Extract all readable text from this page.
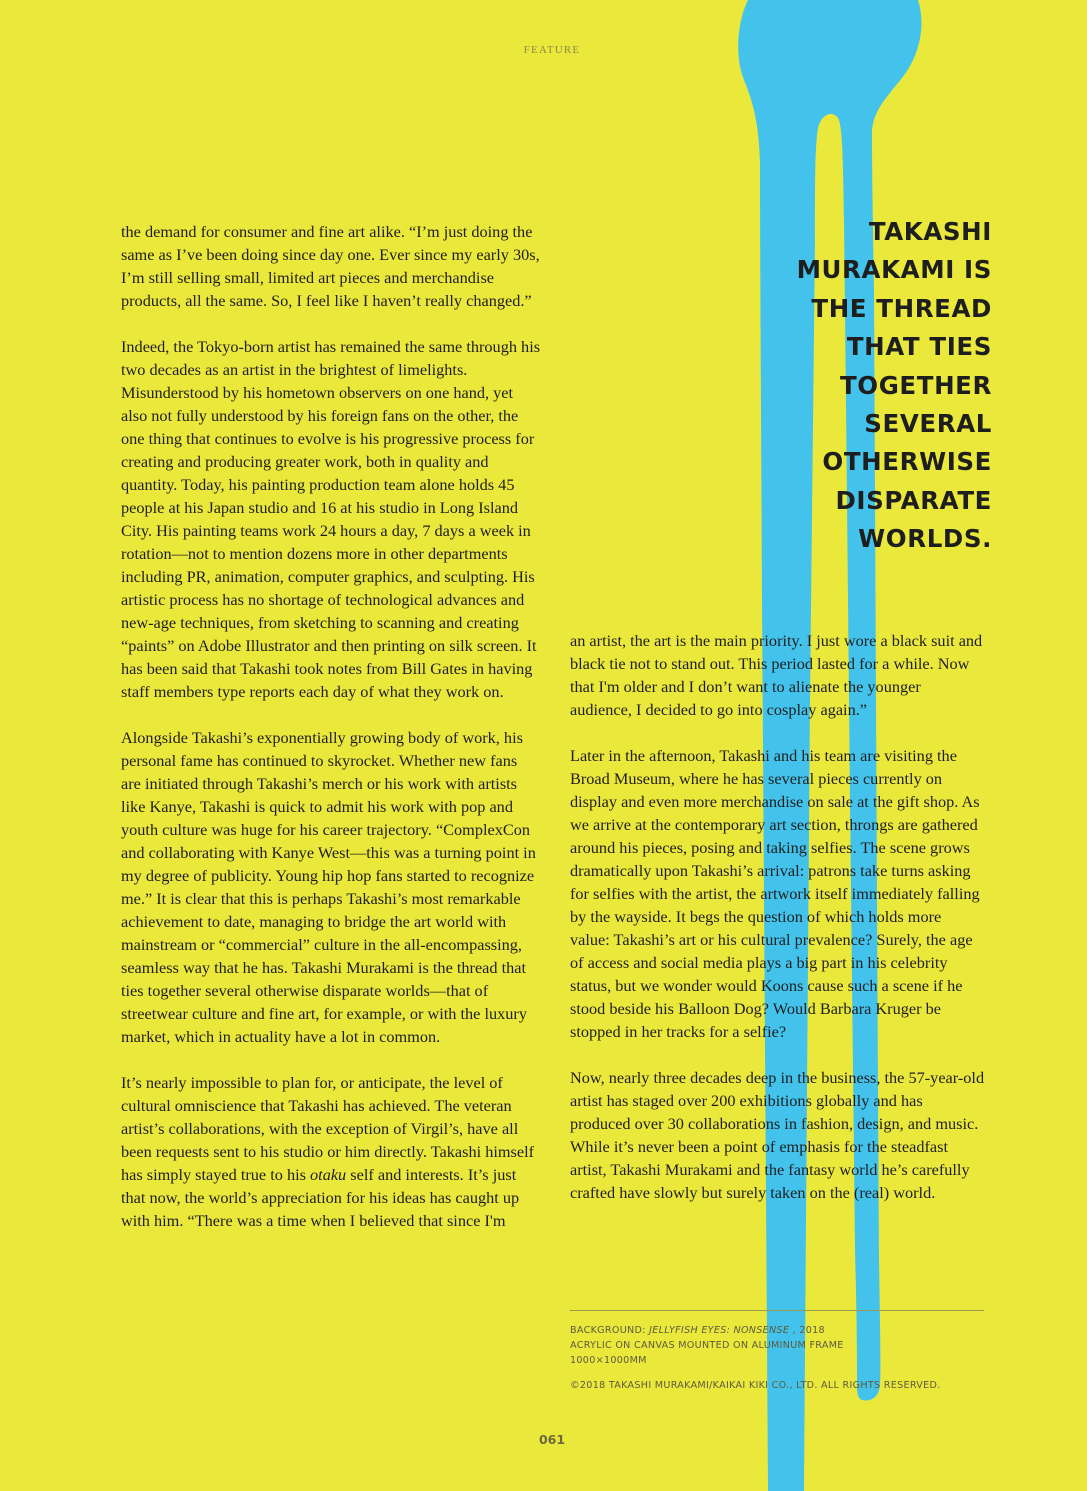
FEATURE

the demand for consumer and fine art alike. “I’m just doing the same as I’ve been doing since day one. Ever since my early 30s, I’m still selling small, limited art pieces and merchandise products, all the same. So, I feel like I haven’t really changed.”

Indeed, the Tokyo-born artist has remained the same through his two decades as an artist in the brightest of limelights. Misunderstood by his hometown observers on one hand, yet also not fully understood by his foreign fans on the other, the one thing that continues to evolve is his progressive process for creating and producing greater work, both in quality and quantity. Today, his painting production team alone holds 45 people at his Japan studio and 16 at his studio in Long Island City. His painting teams work 24 hours a day, 7 days a week in rotation—not to mention dozens more in other departments including PR, animation, computer graphics, and sculpting. His artistic process has no shortage of technological advances and new-age techniques, from sketching to scanning and creating “paints” on Adobe Illustrator and then printing on silk screen. It has been said that Takashi took notes from Bill Gates in having staff members type reports each day of what they work on.

Alongside Takashi’s exponentially growing body of work, his personal fame has continued to skyrocket. Whether new fans are initiated through Takashi’s merch or his work with artists like Kanye, Takashi is quick to admit his work with pop and youth culture was huge for his career trajectory. “ComplexCon and collaborating with Kanye West—this was a turning point in my degree of publicity. Young hip hop fans started to recognize me.” It is clear that this is perhaps Takashi’s most remarkable achievement to date, managing to bridge the art world with mainstream or “commercial” culture in the all-encompassing, seamless way that he has. Takashi Murakami is the thread that ties together several otherwise disparate worlds—that of streetwear culture and fine art, for example, or with the luxury market, which in actuality have a lot in common.

It’s nearly impossible to plan for, or anticipate, the level of cultural omniscience that Takashi has achieved. The veteran artist’s collaborations, with the exception of Virgil’s, have all been requests sent to his studio or him directly. Takashi himself has simply stayed true to his otaku self and interests. It’s just that now, the world’s appreciation for his ideas has caught up with him. “There was a time when I believed that since I'm

TAKASHI
MURAKAMI IS
THE THREAD
THAT TIES
TOGETHER
SEVERAL
OTHERWISE
DISPARATE
WORLDS.

an artist, the art is the main priority. I just wore a black suit and black tie not to stand out. This period lasted for a while. Now that I'm older and I don’t want to alienate the younger audience, I decided to go into cosplay again.”

Later in the afternoon, Takashi and his team are visiting the Broad Museum, where he has several pieces currently on display and even more merchandise on sale at the gift shop. As we arrive at the contemporary art section, throngs are gathered around his pieces, posing and taking selfies. The scene grows dramatically upon Takashi’s arrival: patrons take turns asking for selfies with the artist, the artwork itself immediately falling by the wayside. It begs the question of which holds more value: Takashi’s art or his cultural prevalence? Surely, the age of access and social media plays a big part in his celebrity status, but we wonder would Koons cause such a scene if he stood beside his Balloon Dog? Would Barbara Kruger be stopped in her tracks for a selfie?

Now, nearly three decades deep in the business, the 57-year-old artist has staged over 200 exhibitions globally and has produced over 30 collaborations in fashion, design, and music. While it’s never been a point of emphasis for the steadfast artist, Takashi Murakami and the fantasy world he’s carefully crafted have slowly but surely taken on the (real) world.

BACKGROUND: JELLYFISH EYES: NONSENSE , 2018
ACRYLIC ON CANVAS MOUNTED ON ALUMINUM FRAME
1000×1000MM
©2018 TAKASHI MURAKAMI/KAIKAI KIKI CO., LTD. ALL RIGHTS RESERVED.
061
